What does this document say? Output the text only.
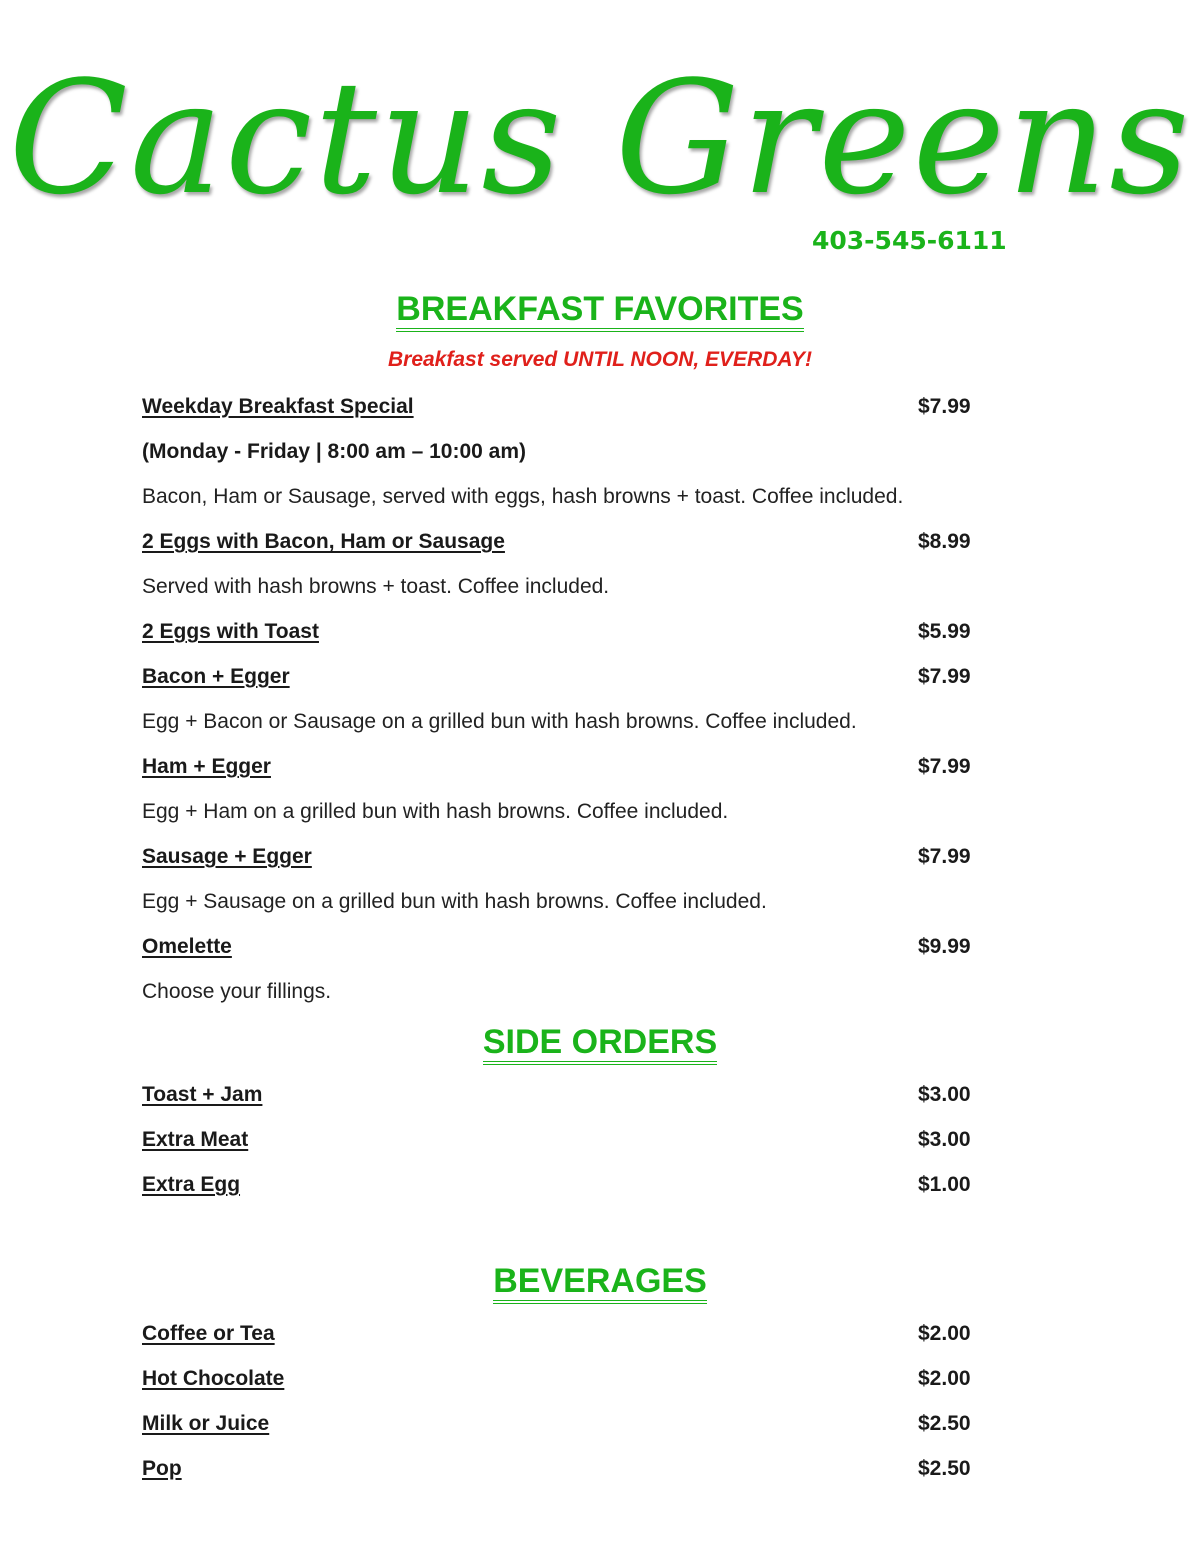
Cactus Greens
403-545-6111
BREAKFAST FAVORITES
Breakfast served UNTIL NOON, EVERDAY!
Weekday Breakfast Special	$7.99
(Monday - Friday | 8:00 am – 10:00 am)
Bacon, Ham or Sausage, served with eggs, hash browns + toast. Coffee included.
2 Eggs with Bacon, Ham or Sausage	$8.99
Served with hash browns + toast. Coffee included.
2 Eggs with Toast	$5.99
Bacon + Egger	$7.99
Egg + Bacon or Sausage on a grilled bun with hash browns. Coffee included.
Ham + Egger	$7.99
Egg + Ham on a grilled bun with hash browns. Coffee included.
Sausage + Egger	$7.99
Egg + Sausage on a grilled bun with hash browns. Coffee included.
Omelette	$9.99
Choose your fillings.
SIDE ORDERS
Toast + Jam	$3.00
Extra Meat	$3.00
Extra Egg	$1.00
BEVERAGES
Coffee or Tea	$2.00
Hot Chocolate	$2.00
Milk or Juice	$2.50
Pop	$2.50
